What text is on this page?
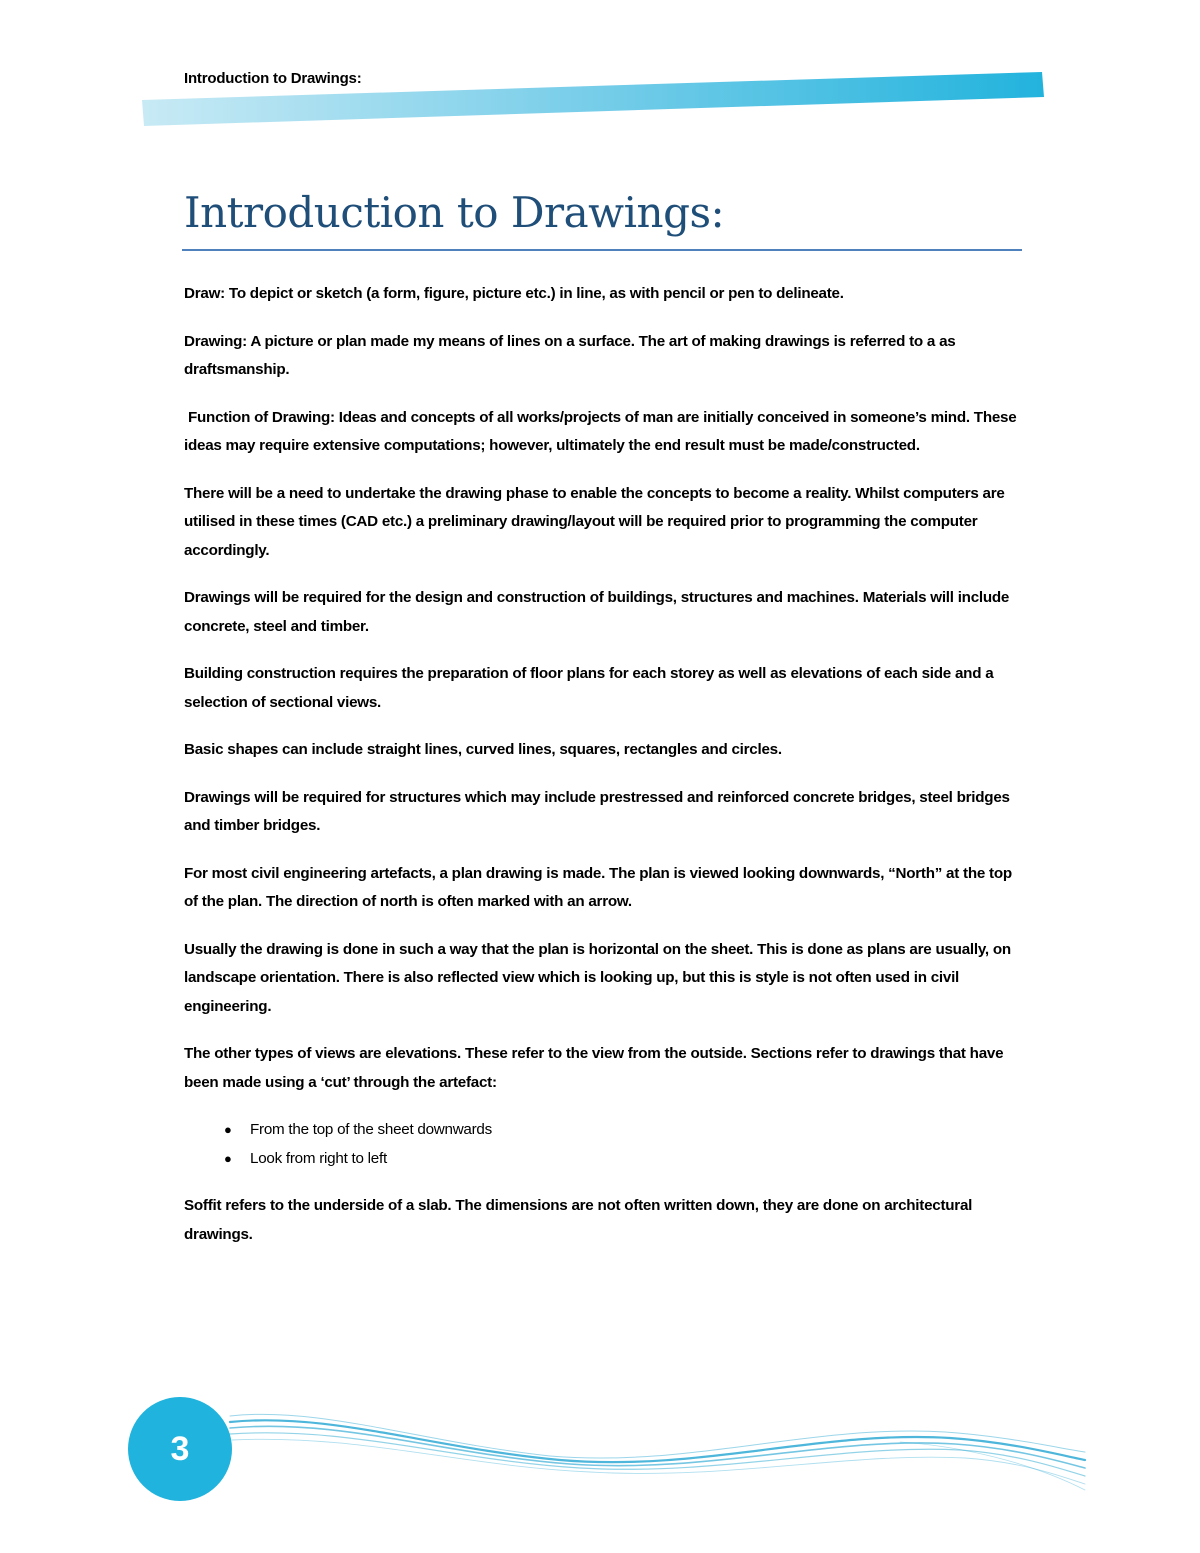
Introduction to Drawings:
Introduction to Drawings:

Draw: To depict or sketch (a form, figure, picture etc.) in line, as with pencil or pen to delineate.

Drawing: A picture or plan made my means of lines on a surface. The art of making drawings is referred to a as draftsmanship.

Function of Drawing: Ideas and concepts of all works/projects of man are initially conceived in someone’s mind. These ideas may require extensive computations; however, ultimately the end result must be made/constructed.

There will be a need to undertake the drawing phase to enable the concepts to become a reality. Whilst computers are utilised in these times (CAD etc.) a preliminary drawing/layout will be required prior to programming the computer accordingly.

Drawings will be required for the design and construction of buildings, structures and machines. Materials will include concrete, steel and timber.

Building construction requires the preparation of floor plans for each storey as well as elevations of each side and a selection of sectional views.

Basic shapes can include straight lines, curved lines, squares, rectangles and circles.

Drawings will be required for structures which may include prestressed and reinforced concrete bridges, steel bridges and timber bridges.

For most civil engineering artefacts, a plan drawing is made. The plan is viewed looking downwards, “North” at the top of the plan. The direction of north is often marked with an arrow.

Usually the drawing is done in such a way that the plan is horizontal on the sheet. This is done as plans are usually, on landscape orientation. There is also reflected view which is looking up, but this is style is not often used in civil engineering.

The other types of views are elevations. These refer to the view from the outside. Sections refer to drawings that have been made using a ‘cut’ through the artefact:

● From the top of the sheet downwards
● Look from right to left

Soffit refers to the underside of a slab. The dimensions are not often written down, they are done on architectural drawings.

3
